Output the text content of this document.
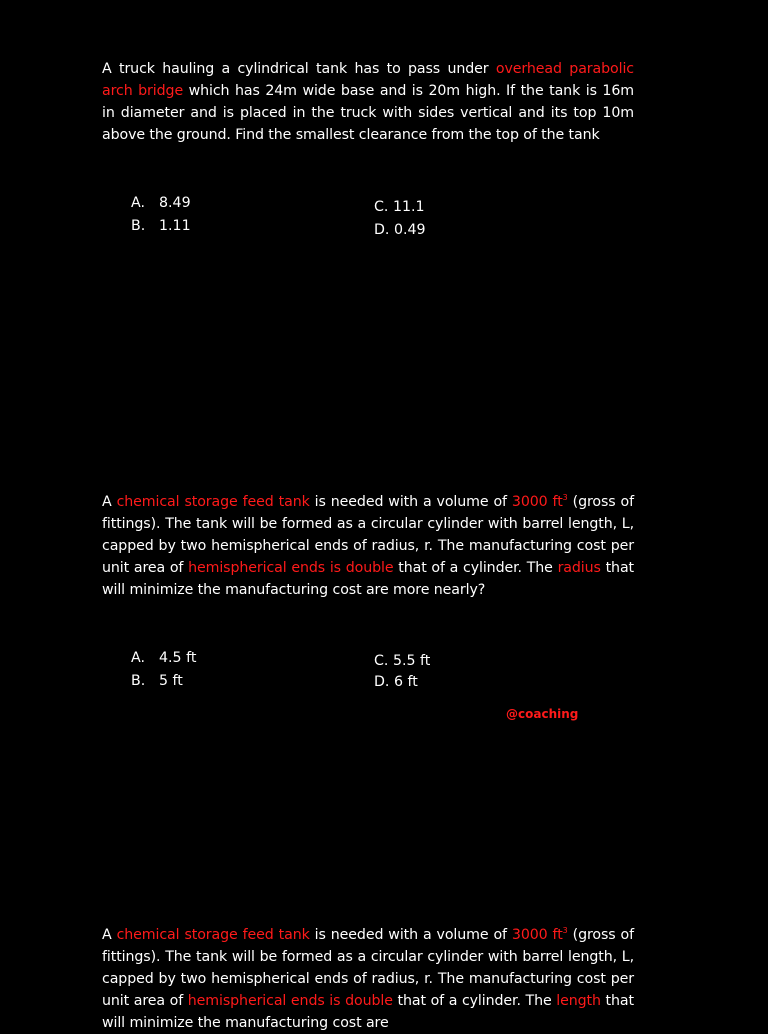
A truck hauling a cylindrical tank has to pass under overhead parabolic arch bridge which has 24m wide base and is 20m high. If the tank is 16m in diameter and is placed in the truck with sides vertical and its top 10m above the ground. Find the smallest clearance from the top of the tank
A. 8.49
B. 1.11
C. 11.1
D. 0.49
A chemical storage feed tank is needed with a volume of 3000 $ft^3$ (gross of fittings). The tank will be formed as a circular cylinder with barrel length, L, capped by two hemispherical ends of radius, r. The manufacturing cost per unit area of hemispherical ends is double that of a cylinder. The radius that will minimize the manufacturing cost are more nearly?
A. 4.5 ft
B. 5 ft
C. 5.5 ft
D. 6 ft
@coaching
A chemical storage feed tank is needed with a volume of 3000 $ft^3$ (gross of fittings). The tank will be formed as a circular cylinder with barrel length, L, capped by two hemispherical ends of radius, r. The manufacturing cost per unit area of hemispherical ends is double that of a cylinder. The length that will minimize the manufacturing cost are
